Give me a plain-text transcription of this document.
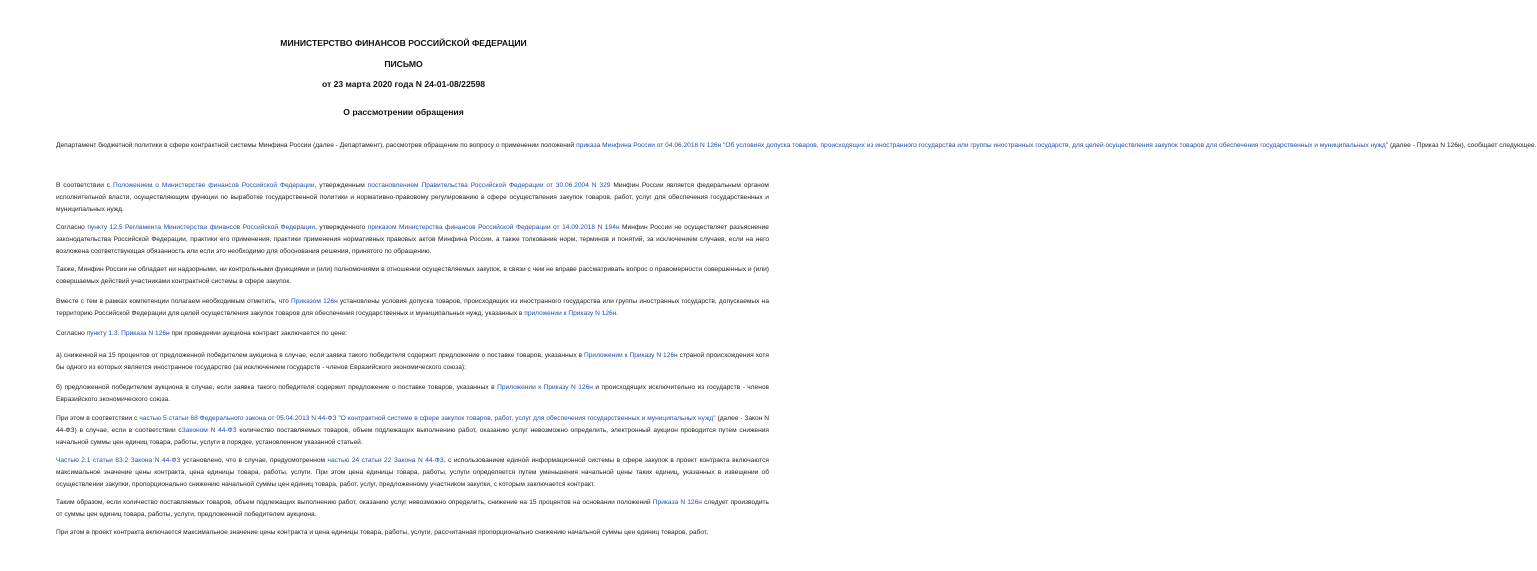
МИНИСТЕРСТВО ФИНАНСОВ РОССИЙСКОЙ ФЕДЕРАЦИИ
ПИСЬМО
от 23 марта 2020 года N 24-01-08/22598
О рассмотрении обращения
Департамент бюджетной политики в сфере контрактной системы Минфина России (далее - Департамент), рассмотрев обращение по вопросу о применении положений приказа Минфина России от 04.06.2018 N 126н "Об условиях допуска товаров, происходящих из иностранного государства или группы иностранных государств, для целей осуществления закупок товаров для обеспечения государственных и муниципальных нужд" (далее - Приказ N 126н), сообщает следующее.
В соответствии с Положением о Министерстве финансов Российской Федерации, утвержденным постановлением Правительства Российской Федерации от 30.06.2004 N 329 Минфин России является федеральным органом исполнительной власти, осуществляющим функции по выработке государственной политики и нормативно-правовому регулированию в сфере осуществления закупок товаров, работ, услуг для обеспечения государственных и муниципальных нужд.
Согласно пункту 12.5 Регламента Министерства финансов Российской Федерации, утвержденного приказом Министерства финансов Российской Федерации от 14.09.2018 N 194н Минфин России не осуществляет разъяснение законодательства Российской Федерации, практики его применения, практики применения нормативных правовых актов Минфина России, а также толкование норм, терминов и понятий, за исключением случаев, если на него возложена соответствующая обязанность или если это необходимо для обоснования решения, принятого по обращению.
Также, Минфин России не обладает ни надзорными, ни контрольными функциями и (или) полномочиями в отношении осуществляемых закупок, в связи с чем не вправе рассматривать вопрос о правомерности совершенных и (или) совершаемых действий участниками контрактной системы в сфере закупок.
Вместе с тем в рамках компетенции полагаем необходимым отметить, что Приказом 126н установлены условия допуска товаров, происходящих из иностранного государства или группы иностранных государств, допускаемых на территорию Российской Федерации для целей осуществления закупок товаров для обеспечения государственных и муниципальных нужд, указанных в приложении к Приказу N 126н.
Согласно пункту 1.3. Приказа N 126н при проведении аукциона контракт заключается по цене:
а) сниженной на 15 процентов от предложенной победителем аукциона в случае, если заявка такого победителя содержит предложение о поставке товаров, указанных в Приложении к Приказу N 126н страной происхождения хотя бы одного из которых является иностранное государство (за исключением государств - членов Евразийского экономического союза);
б) предложенной победителем аукциона в случае, если заявка такого победителя содержит предложение о поставке товаров, указанных в Приложении к Приказу N 126н и происходящих исключительно из государств - членов Евразийского экономического союза.
При этом в соответствии с частью 5 статьи 68 Федерального закона от 05.04.2013 N 44-ФЗ "О контрактной системе в сфере закупок товаров, работ, услуг для обеспечения государственных и муниципальных нужд" (далее - Закон N 44-ФЗ) в случае, если в соответствии сЗаконом N 44-ФЗ количество поставляемых товаров, объем подлежащих выполнению работ, оказанию услуг невозможно определить, электронный аукцион проводится путем снижения начальной суммы цен единиц товара, работы, услуги в порядке, установленном указанной статьей.
Частью 2.1 статьи 83.2 Закона N 44-ФЗ установлено, что в случае, предусмотренном частью 24 статьи 22 Закона N 44-ФЗ, с использованием единой информационной системы в сфере закупок в проект контракта включаются максимальное значение цены контракта, цена единицы товара, работы, услуги. При этом цена единицы товара, работы, услуги определяется путем уменьшения начальной цены таких единиц, указанных в извещении об осуществлении закупки, пропорционально снижению начальной суммы цен единиц товара, работ, услуг, предложенному участником закупки, с которым заключается контракт.
Таким образом, если количество поставляемых товаров, объем подлежащих выполнению работ, оказанию услуг невозможно определить, снижение на 15 процентов на основании положений Приказа N 126н следует производить от суммы цен единиц товара, работы, услуги, предложенной победителем аукциона.
При этом в проект контракта включается максимальное значение цены контракта и цена единицы товара, работы, услуги, рассчитанная пропорционально снижению начальной суммы цен единиц товаров, работ,
